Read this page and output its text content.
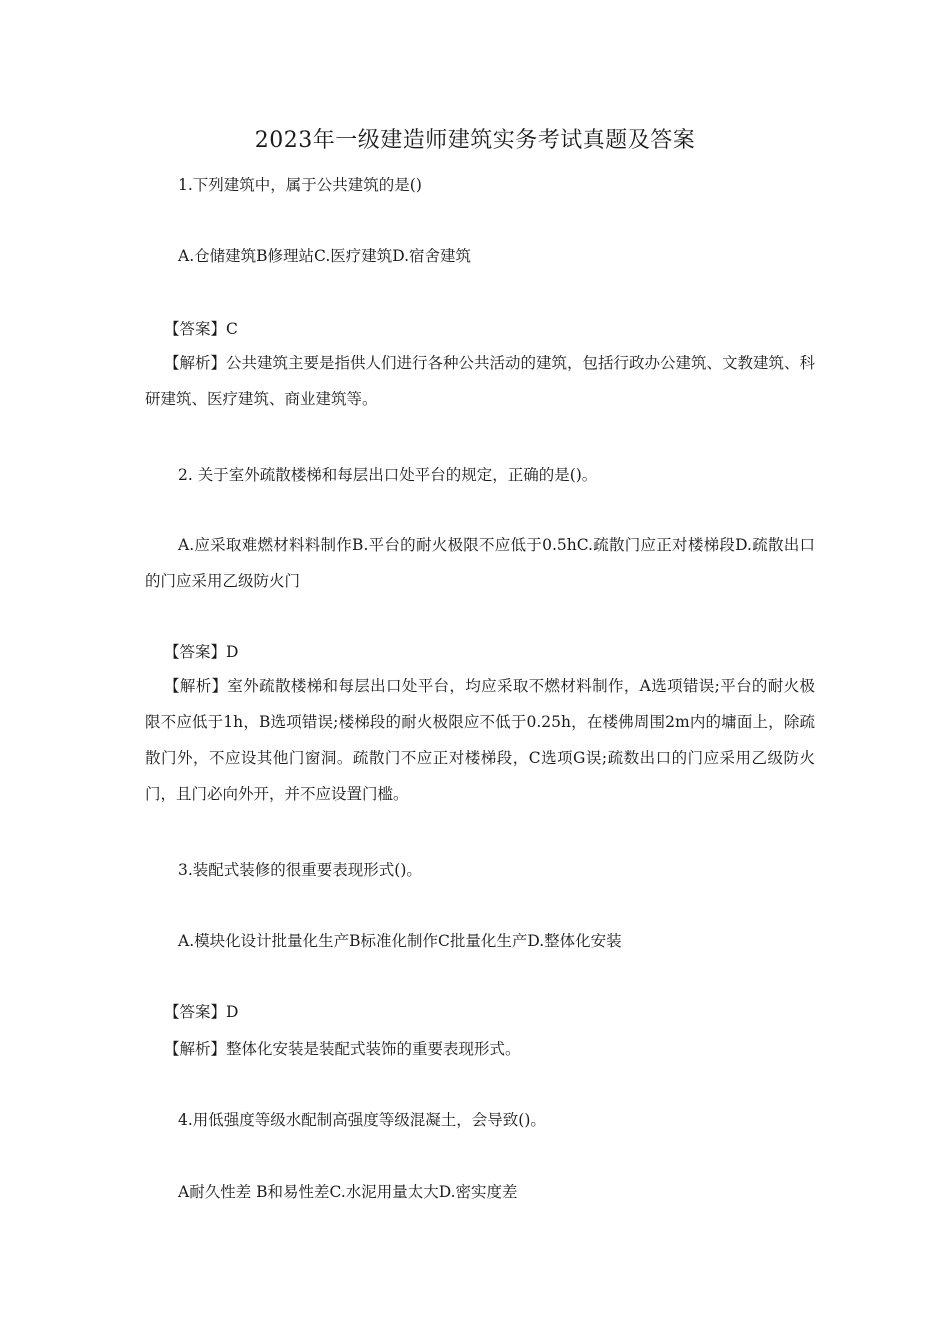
2023年一级建造师建筑实务考试真题及答案
1.下列建筑中，属于公共建筑的是()
A.仓储建筑B修理站C.医疗建筑D.宿舍建筑
【答案】C
【解析】公共建筑主要是指供人们进行各种公共活动的建筑，包括行政办公建筑、文教建筑、科研建筑、医疗建筑、商业建筑等。
2. 关于室外疏散楼梯和每层出口处平台的规定，正确的是()。
A.应采取难燃材料料制作B.平台的耐火极限不应低于0.5hC.疏散门应正对楼梯段D.疏散出口的门应采用乙级防火门
【答案】D
【解析】室外疏散楼梯和每层出口处平台，均应采取不燃材料制作，A选项错误;平台的耐火极限不应低于1h，B选项错误;楼梯段的耐火极限应不低于0.25h，在楼佛周围2m内的墉面上，除疏散门外，不应设其他门窗洞。疏散门不应正对楼梯段，C选项G误;疏数出口的门应采用乙级防火门，且门必向外开，并不应设置门槛。
3.装配式装修的很重要表现形式()。
A.模块化设计批量化生产B标准化制作C批量化生产D.整体化安装
【答案】D
【解析】整体化安装是装配式装饰的重要表现形式。
4.用低强度等级水配制高强度等级混凝土，会导致()。
A耐久性差 B和易性差C.水泥用量太大D.密实度差
